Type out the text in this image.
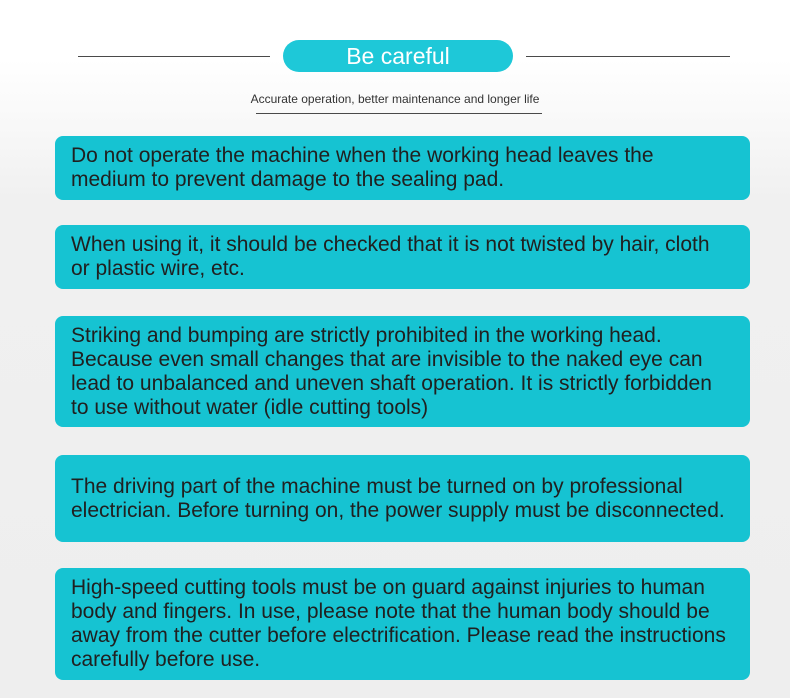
Be careful
Accurate operation, better maintenance and longer life

Do not operate the machine when the working head leaves the medium to prevent damage to the sealing pad.

When using it, it should be checked that it is not twisted by hair, cloth or plastic wire, etc.

Striking and bumping are strictly prohibited in the working head. Because even small changes that are invisible to the naked eye can lead to unbalanced and uneven shaft operation. It is strictly forbidden to use without water (idle cutting tools)

The driving part of the machine must be turned on by professional electrician. Before turning on, the power supply must be disconnected.

High-speed cutting tools must be on guard against injuries to human body and fingers. In use, please note that the human body should be away from the cutter before electrification. Please read the instructions carefully before use.
